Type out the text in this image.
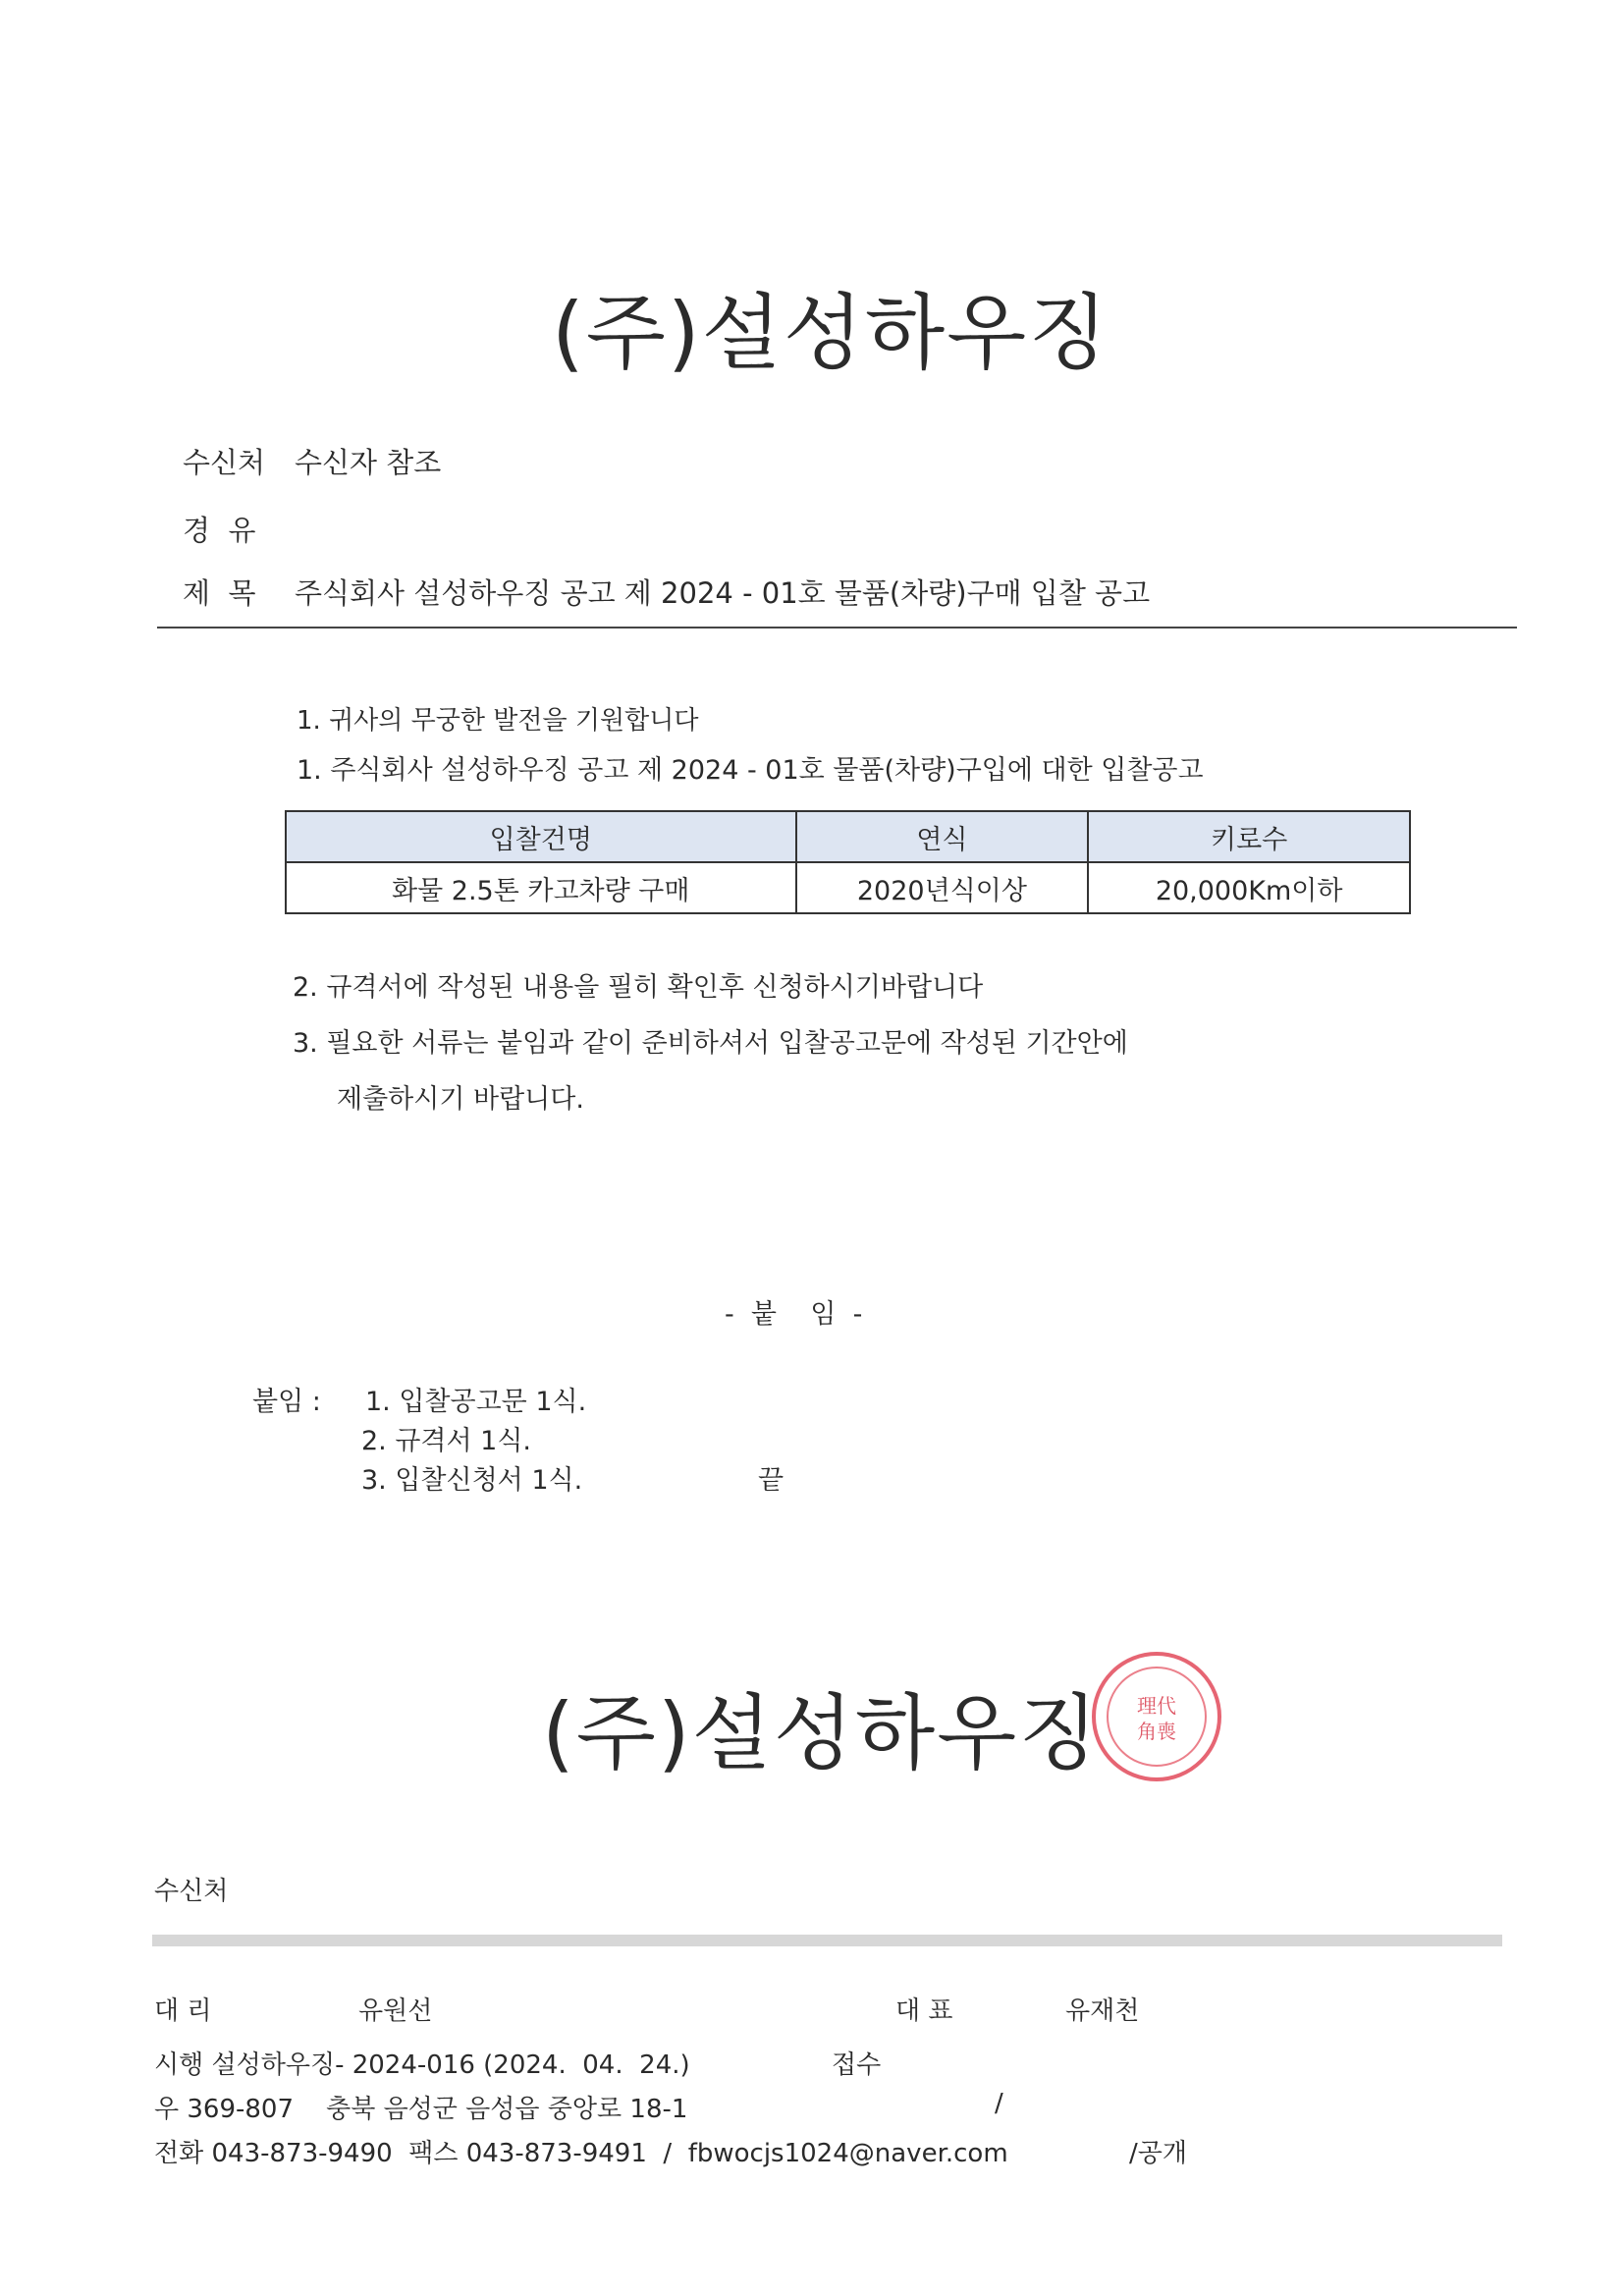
(주)설성하우징
수신처 수신자 참조
경  유
제  목 주식회사 설성하우징 공고 제 2024 - 01호 물품(차량)구매 입찰 공고
1. 귀사의 무궁한 발전을 기원합니다
1. 주식회사 설성하우징 공고 제 2024 - 01호 물품(차량)구입에 대한 입찰공고
입찰건명	연식	키로수
화물 2.5톤 카고차량 구매	2020년식이상	20,000Km이하
2. 규격서에 작성된 내용을 필히 확인후 신청하시기바랍니다
3. 필요한 서류는 붙임과 같이 준비하셔서 입찰공고문에 작성된 기간안에
제출하시기 바랍니다.
-  붙    임  -
붙임 : 1. 입찰공고문 1식.
2. 규격서 1식.
3. 입찰신청서 1식.	끝
(주)설성하우징 理代
角喪
수신처
대 리	유원선	대 표	유재천
시행 설성하우징- 2024-016 (2024.  04.  24.)	접수
우 369-807    충북 음성군 음성읍 중앙로 18-1	/
전화 043-873-9490  팩스 043-873-9491  /  fbwocjs1024@naver.com	/공개
